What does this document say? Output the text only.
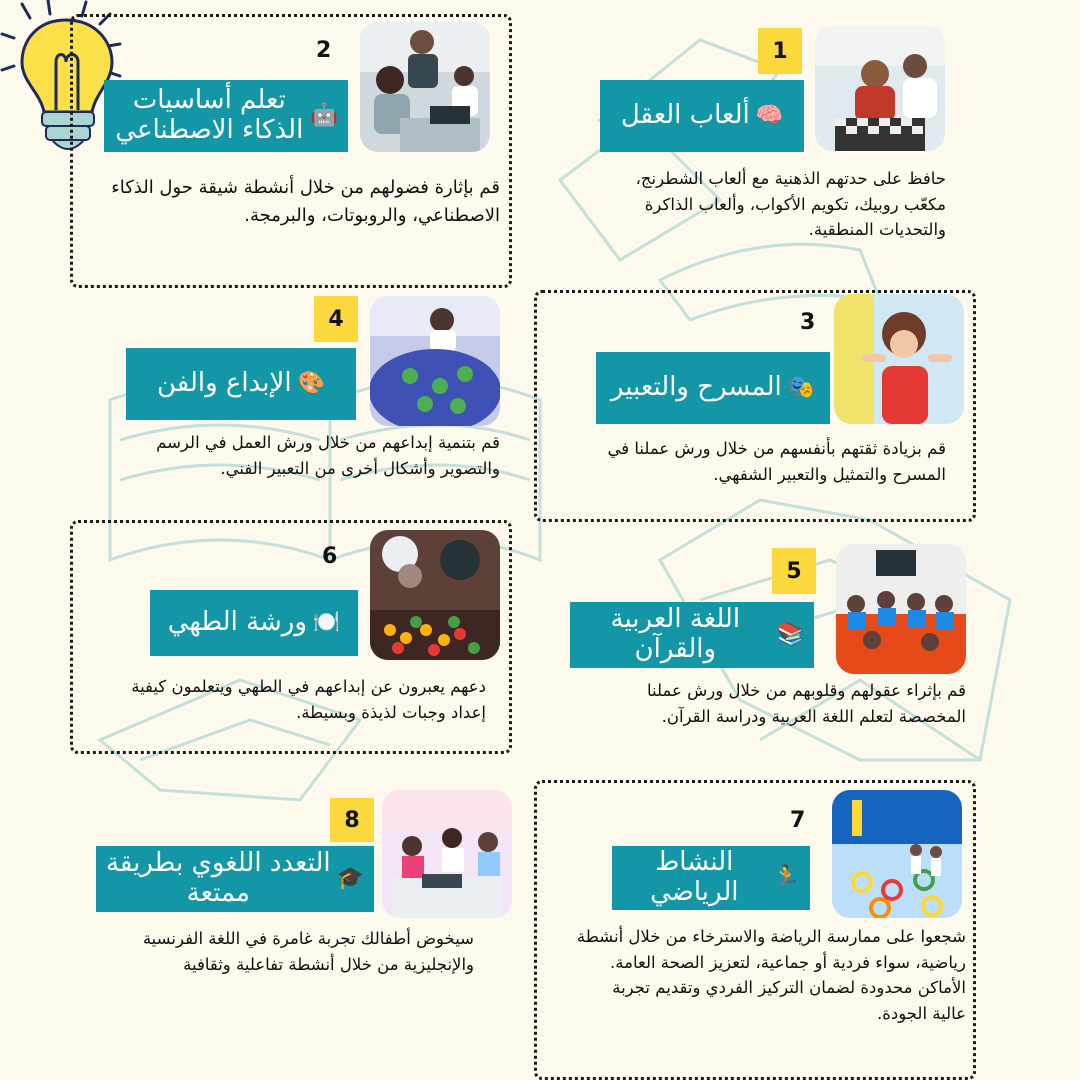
1
🧠
ألعاب العقل
حافظ على حدتهم الذهنية مع ألعاب الشطرنج، مكعّب روبيك، تكويم الأكواب، وألعاب الذاكرة والتحديات المنطقية.
2
🤖
تعلم أساسيات الذكاء الاصطناعي
قم بإثارة فضولهم من خلال أنشطة شيقة حول الذكاء الاصطناعي، والروبوتات، والبرمجة.
3
🎭
المسرح والتعبير
قم بزيادة ثقتهم بأنفسهم من خلال ورش عملنا في المسرح والتمثيل والتعبير الشفهي.
4
🎨
الإبداع والفن
قم بتنمية إبداعهم من خلال ورش العمل في الرسم والتصوير وأشكال أخرى من التعبير الفني.
5
📚
اللغة العربية والقرآن
قم بإثراء عقولهم وقلوبهم من خلال ورش عملنا المخصصة لتعلم اللغة العربية ودراسة القرآن.
6
🍽️
ورشة الطهي
دعهم يعبرون عن إبداعهم في الطهي ويتعلمون كيفية إعداد وجبات لذيذة وبسيطة.
7
🏃
النشاط الرياضي
شجعوا على ممارسة الرياضة والاسترخاء من خلال أنشطة رياضية، سواء فردية أو جماعية، لتعزيز الصحة العامة. الأماكن محدودة لضمان التركيز الفردي وتقديم تجربة عالية الجودة.
8
🎓
التعدد اللغوي بطريقة ممتعة
سيخوض أطفالك تجربة غامرة في اللغة الفرنسية والإنجليزية من خلال أنشطة تفاعلية وثقافية
